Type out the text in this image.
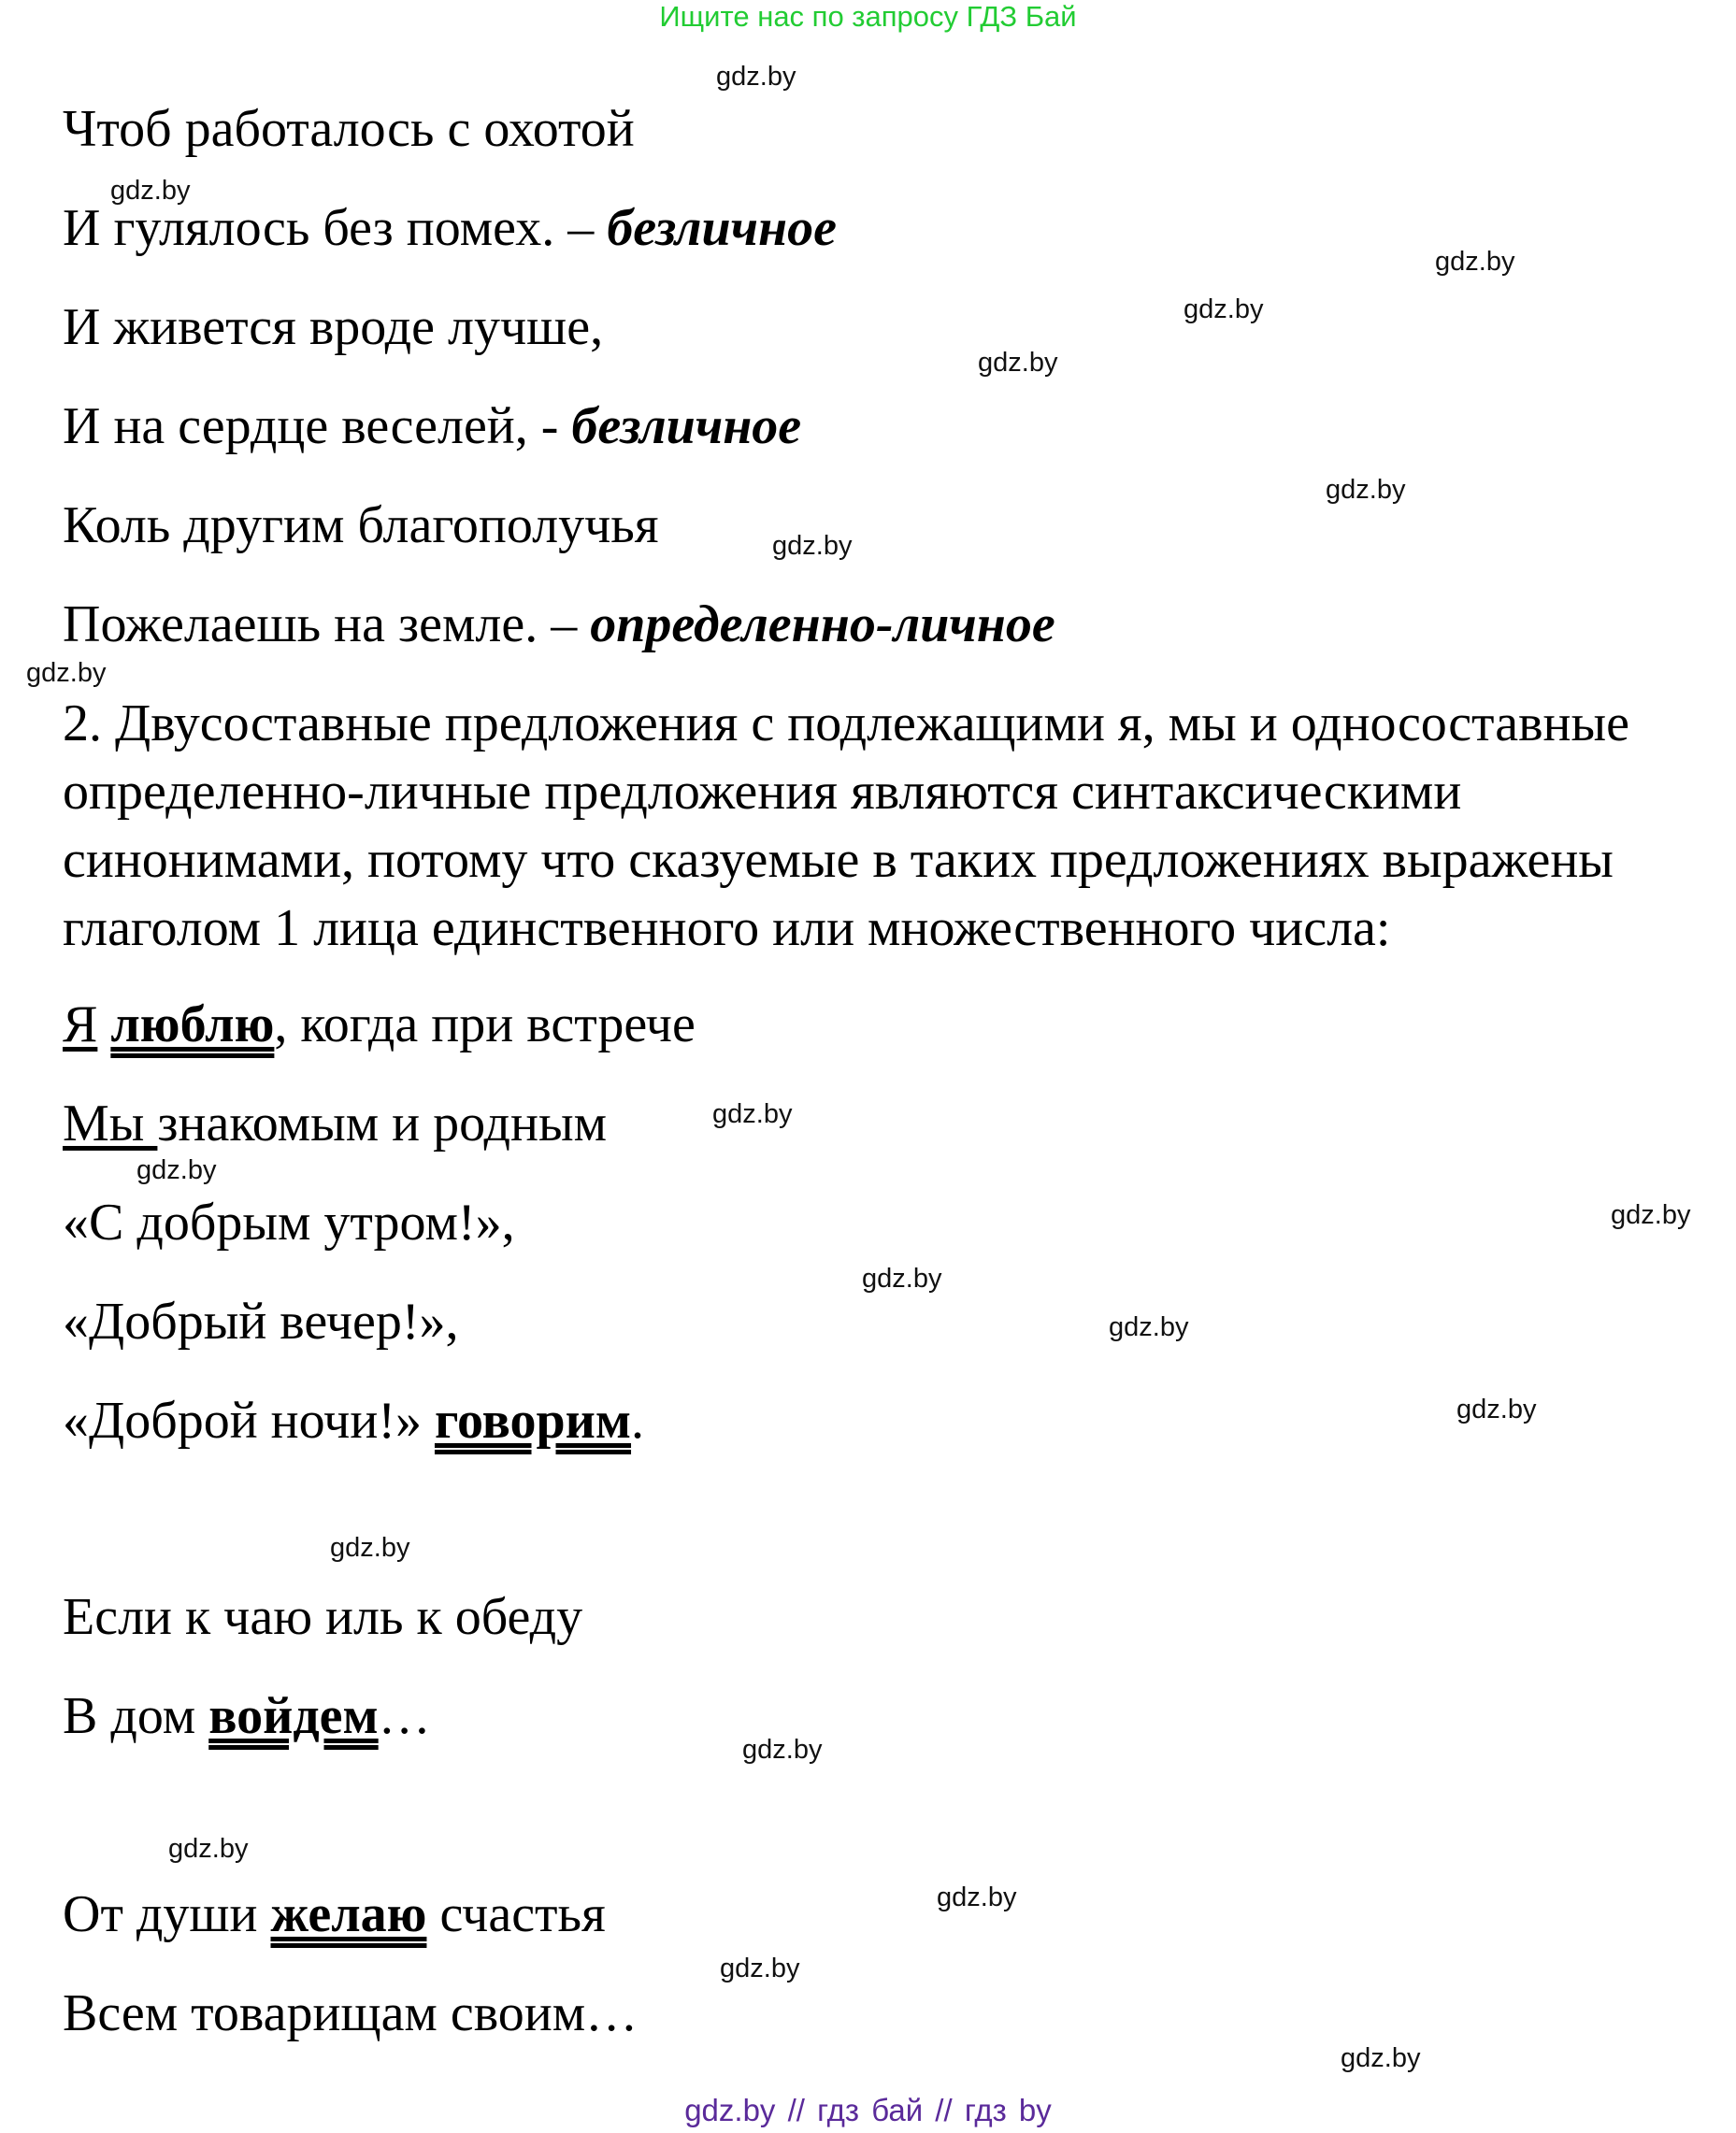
Ищите нас по запросу ГДЗ Бай
Чтоб работалось с охотой
И гулялось без помех. – безличное
И живется вроде лучше,
И на сердце веселей, - безличное
Коль другим благополучья
Пожелаешь на земле. – определенно-личное
2. Двусоставные предложения с подлежащими я, мы и односоставные определенно-личные предложения являются синтаксическими синонимами, потому что сказуемые в таких предложениях выражены глаголом 1 лица единственного или множественного числа:
Я люблю, когда при встрече
Мы знакомым и родным
«С добрым утром!»,
«Добрый вечер!»,
«Доброй ночи!» говорим.
Если к чаю иль к обеду
В дом войдем…
От души желаю счастья
Всем товарищам своим…
gdz.by
gdz.by
gdz.by
gdz.by
gdz.by
gdz.by
gdz.by
gdz.by
gdz.by
gdz.by
gdz.by
gdz.by
gdz.by
gdz.by
gdz.by
gdz.by
gdz.by
gdz.by
gdz.by
gdz.by
gdz.by // гдз бай // гдз by
